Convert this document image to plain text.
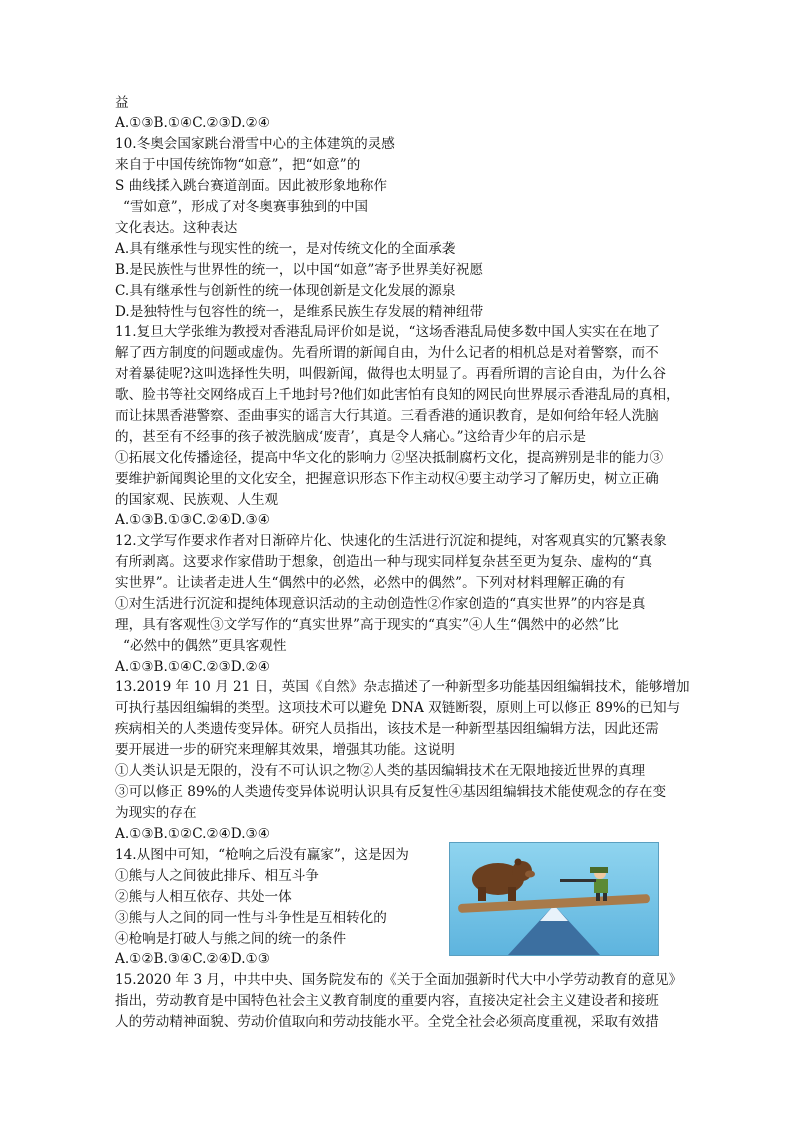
益
A.①③B.①④C.②③D.②④
10.冬奥会国家跳台滑雪中心的主体建筑的灵感
来自于中国传统饰物“如意”，把“如意”的
S 曲线揉入跳台赛道剖面。因此被形象地称作
“雪如意”，形成了对冬奥赛事独到的中国
文化表达。这种表达
A.具有继承性与现实性的统一，是对传统文化的全面承袭
B.是民族性与世界性的统一，以中国“如意”寄予世界美好祝愿
C.具有继承性与创新性的统一体现创新是文化发展的源泉
D.是独特性与包容性的统一，是维系民族生存发展的精神纽带
11.复旦大学张维为教授对香港乱局评价如是说，“这场香港乱局使多数中国人实实在在地了
解了西方制度的问题或虚伪。先看所谓的新闻自由，为什么记者的相机总是对着警察，而不
对着暴徒呢?这叫选择性失明，叫假新闻，做得也太明显了。再看所谓的言论自由，为什么谷
歌、脸书等社交网络成百上千地封号?他们如此害怕有良知的网民向世界展示香港乱局的真相，
而让抹黑香港警察、歪曲事实的谣言大行其道。三看香港的通识教育，是如何给年轻人洗脑
的，甚至有不经事的孩子被洗脑成‘废青’，真是令人痛心。”这给青少年的启示是
①拓展文化传播途径，提高中华文化的影响力 ②坚决抵制腐朽文化，提高辨别是非的能力③
要维护新闻舆论里的文化安全，把握意识形态下作主动权④要主动学习了解历史，树立正确
的国家观、民族观、人生观
A.①③B.①③C.②④D.③④
12.文学写作要求作者对日渐碎片化、快速化的生活进行沉淀和提纯，对客观真实的冗繁表象
有所剥离。这要求作家借助于想象，创造出一种与现实同样复杂甚至更为复杂、虚构的“真
实世界”。让读者走进人生“偶然中的必然，必然中的偶然”。下列对材料理解正确的有
①对生活进行沉淀和提纯体现意识活动的主动创造性②作家创造的“真实世界”的内容是真
理，具有客观性③文学写作的“真实世界”高于现实的“真实”④人生“偶然中的必然”比
“必然中的偶然”更具客观性
A.①③B.①④C.②③D.②④
13.2019 年 10 月 21 日，英国《自然》杂志描述了一种新型多功能基因组编辑技术，能够增加
可执行基因组编辑的类型。这项技术可以避免 DNA 双链断裂，原则上可以修正 89%的已知与
疾病相关的人类遗传变异体。研究人员指出，该技术是一种新型基因组编辑方法，因此还需
要开展进一步的研究来理解其效果，增强其功能。这说明
①人类认识是无限的，没有不可认识之物②人类的基因编辑技术在无限地接近世界的真理
③可以修正 89%的人类遗传变异体说明认识具有反复性④基因组编辑技术能使观念的存在变
为现实的存在
A.①③B.①②C.②④D.③④
14.从图中可知，“枪响之后没有赢家”，这是因为
①熊与人之间彼此排斥、相互斗争
②熊与人相互依存、共处一体
③熊与人之间的同一性与斗争性是互相转化的
④枪响是打破人与熊之间的统一的条件
A.①②B.③④C.②④D.①③
15.2020 年 3 月，中共中央、国务院发布的《关于全面加强新时代大中小学劳动教育的意见》
指出，劳动教育是中国特色社会主义教育制度的重要内容，直接决定社会主义建设者和接班
人的劳动精神面貌、劳动价值取向和劳动技能水平。全党全社会必须高度重视，采取有效措
